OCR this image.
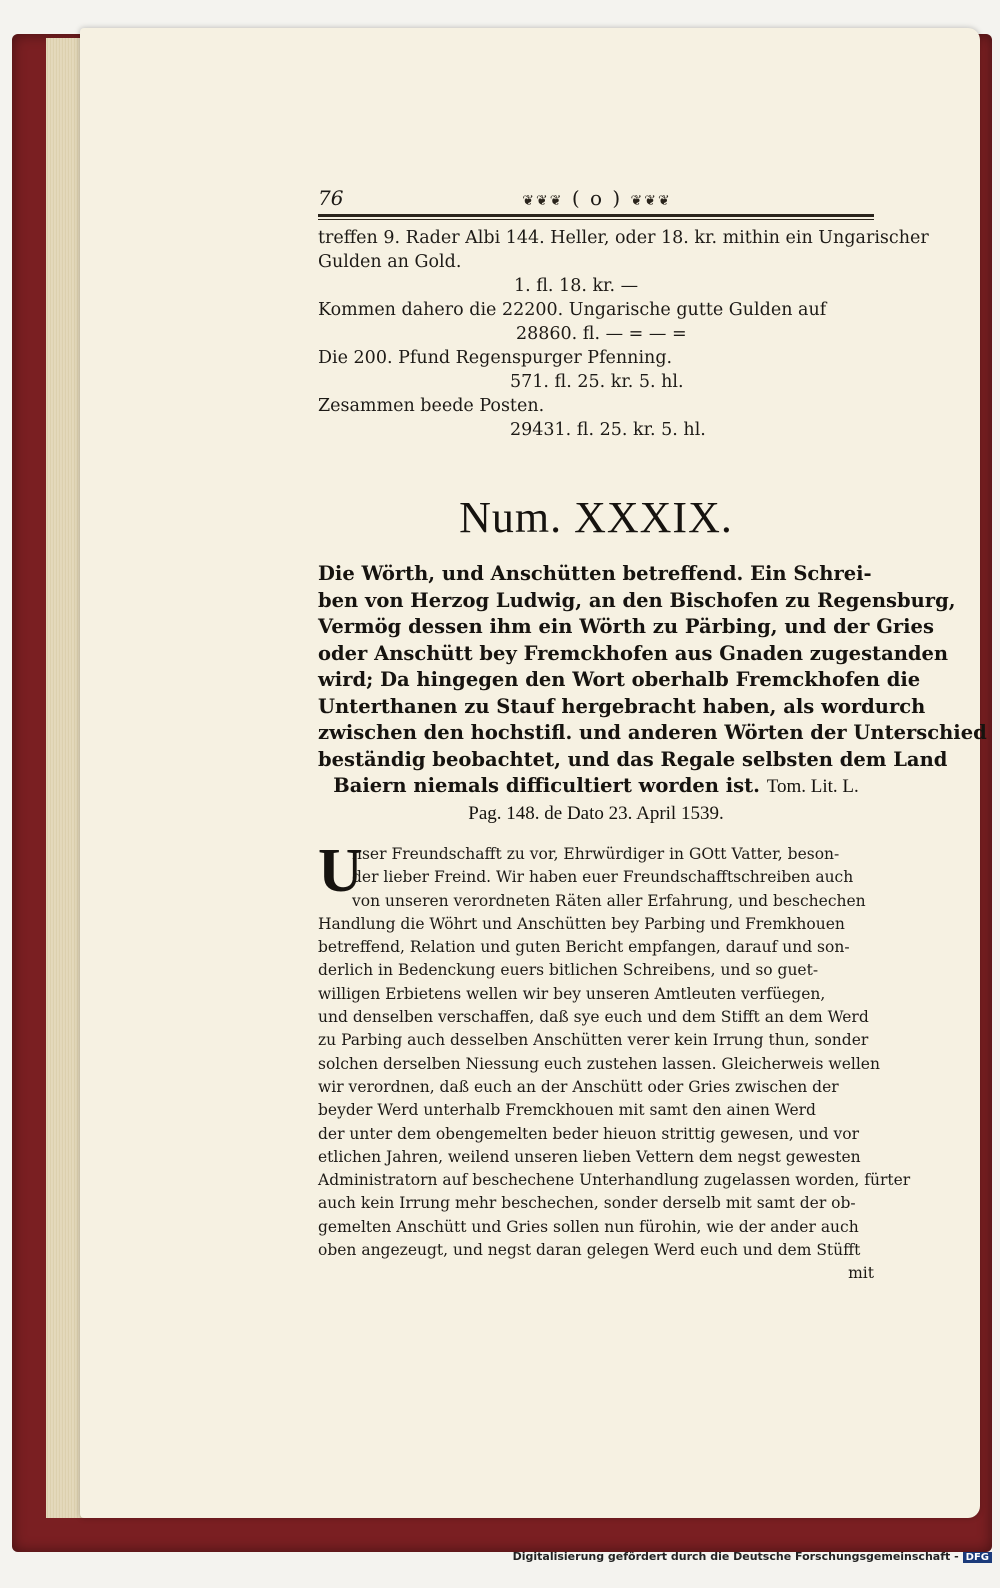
76	❦❦❦ ( o ) ❦❦❦

treffen 9. Rader Albi 144. Heller, oder 18. kr. mithin ein Ungarischer

Gulden an Gold.

1. fl. 18. kr. —

Kommen dahero die 22200. Ungarische gutte Gulden auf

28860. fl. — = — =

Die 200. Pfund Regenspurger Pfenning.

571. fl. 25. kr. 5. hl.

Zesammen beede Posten.

29431. fl. 25. kr. 5. hl.

Num. XXXIX.

Die Wörth, und Anschütten betreffend. Ein Schrei-

ben von Herzog Ludwig, an den Bischofen zu Regensburg,

Vermög dessen ihm ein Wörth zu Pärbing, und der Gries

oder Anschütt bey Fremckhofen aus Gnaden zugestanden

wird; Da hingegen den Wort oberhalb Fremckhofen die

Unterthanen zu Stauf hergebracht haben, als wordurch

zwischen den hochstifl. und anderen Wörten der Unterschied

beständig beobachtet, und das Regale selbsten dem Land

Baiern niemals difficultiert worden ist. Tom. Lit. L.

Pag. 148. de Dato 23. April 1539.

U

nser Freundschafft zu vor, Ehrwürdiger in GOtt Vatter, beson-

der lieber Freind. Wir haben euer Freundschafftschreiben auch

von unseren verordneten Räten aller Erfahrung, und beschechen

Handlung die Wöhrt und Anschütten bey Parbing und Fremkhouen

betreffend, Relation und guten Bericht empfangen, darauf und son-

derlich in Bedenckung euers bitlichen Schreibens, und so guet-

willigen Erbietens wellen wir bey unseren Amtleuten verfüegen,

und denselben verschaffen, daß sye euch und dem Stifft an dem Werd

zu Parbing auch desselben Anschütten verer kein Irrung thun, sonder

solchen derselben Niessung euch zustehen lassen. Gleicherweis wellen

wir verordnen, daß euch an der Anschütt oder Gries zwischen der

beyder Werd unterhalb Fremckhouen mit samt den ainen Werd

der unter dem obengemelten beder hieuon strittig gewesen, und vor

etlichen Jahren, weilend unseren lieben Vettern dem negst gewesten

Administratorn auf beschechene Unterhandlung zugelassen worden, fürter

auch kein Irrung mehr beschechen, sonder derselb mit samt der ob-

gemelten Anschütt und Gries sollen nun fürohin, wie der ander auch

oben angezeugt, und negst daran gelegen Werd euch und dem Stüfft

mit

Digitalisierung gefördert durch die Deutsche Forschungsgemeinschaft - DFG
